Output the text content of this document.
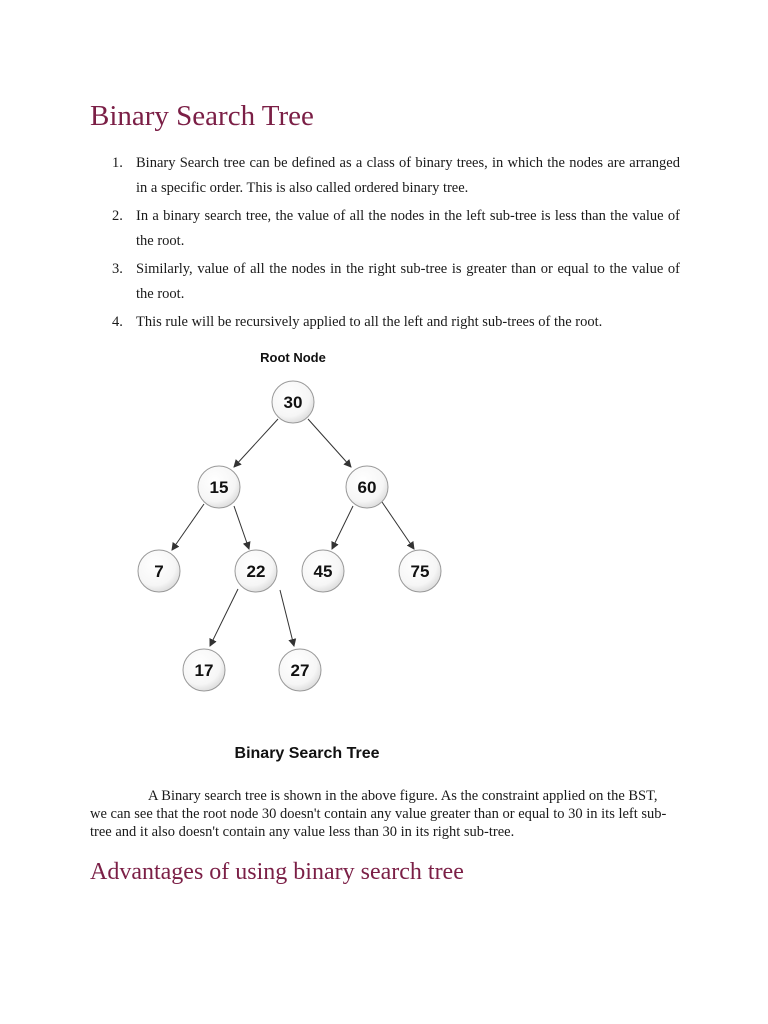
Binary Search Tree
1. Binary Search tree can be defined as a class of binary trees, in which the nodes are arranged in a specific order. This is also called ordered binary tree.
2. In a binary search tree, the value of all the nodes in the left sub-tree is less than the value of the root.
3. Similarly, value of all the nodes in the right sub-tree is greater than or equal to the value of the root.
4. This rule will be recursively applied to all the left and right sub-trees of the root.
Root Node
30
15	60
7	22	45	75
17	27
Binary Search Tree

A Binary search tree is shown in the above figure. As the constraint applied on the BST, we can see that the root node 30 doesn't contain any value greater than or equal to 30 in its left sub-tree and it also doesn't contain any value less than 30 in its right sub-tree.

Advantages of using binary search tree
